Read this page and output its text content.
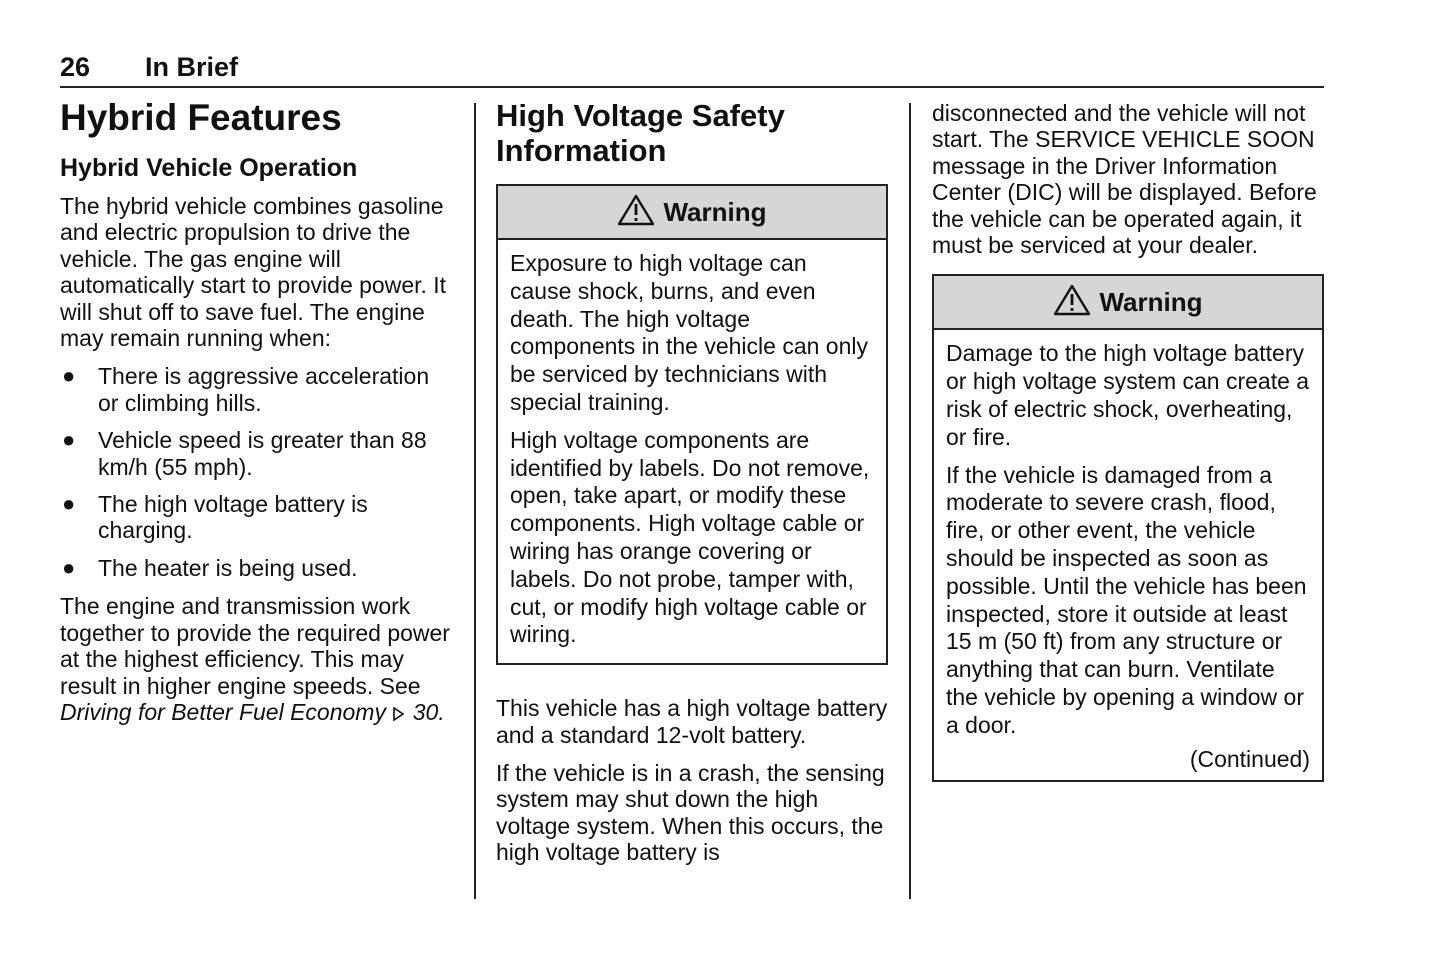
26 In Brief
Hybrid Features
Hybrid Vehicle Operation

The hybrid vehicle combines gasoline and electric propulsion to drive the vehicle. The gas engine will automatically start to provide power. It will shut off to save fuel. The engine may remain running when:

● There is aggressive acceleration or climbing hills.
● Vehicle speed is greater than 88 km/h (55 mph).
● The high voltage battery is charging.
● The heater is being used.

The engine and transmission work together to provide the required power at the highest efficiency. This may result in higher engine speeds. See Driving for Better Fuel Economy 30.

High Voltage Safety Information
Warning

Exposure to high voltage can cause shock, burns, and even death. The high voltage components in the vehicle can only be serviced by technicians with special training.

High voltage components are identified by labels. Do not remove, open, take apart, or modify these components. High voltage cable or wiring has orange covering or labels. Do not probe, tamper with, cut, or modify high voltage cable or wiring.

This vehicle has a high voltage battery and a standard 12-volt battery.

If the vehicle is in a crash, the sensing system may shut down the high voltage system. When this occurs, the high voltage battery is

disconnected and the vehicle will not start. The SERVICE VEHICLE SOON message in the Driver Information Center (DIC) will be displayed. Before the vehicle can be operated again, it must be serviced at your dealer.

Warning

Damage to the high voltage battery or high voltage system can create a risk of electric shock, overheating, or fire.

If the vehicle is damaged from a moderate to severe crash, flood, fire, or other event, the vehicle should be inspected as soon as possible. Until the vehicle has been inspected, store it outside at least 15 m (50 ft) from any structure or anything that can burn. Ventilate the vehicle by opening a window or a door.

(Continued)
